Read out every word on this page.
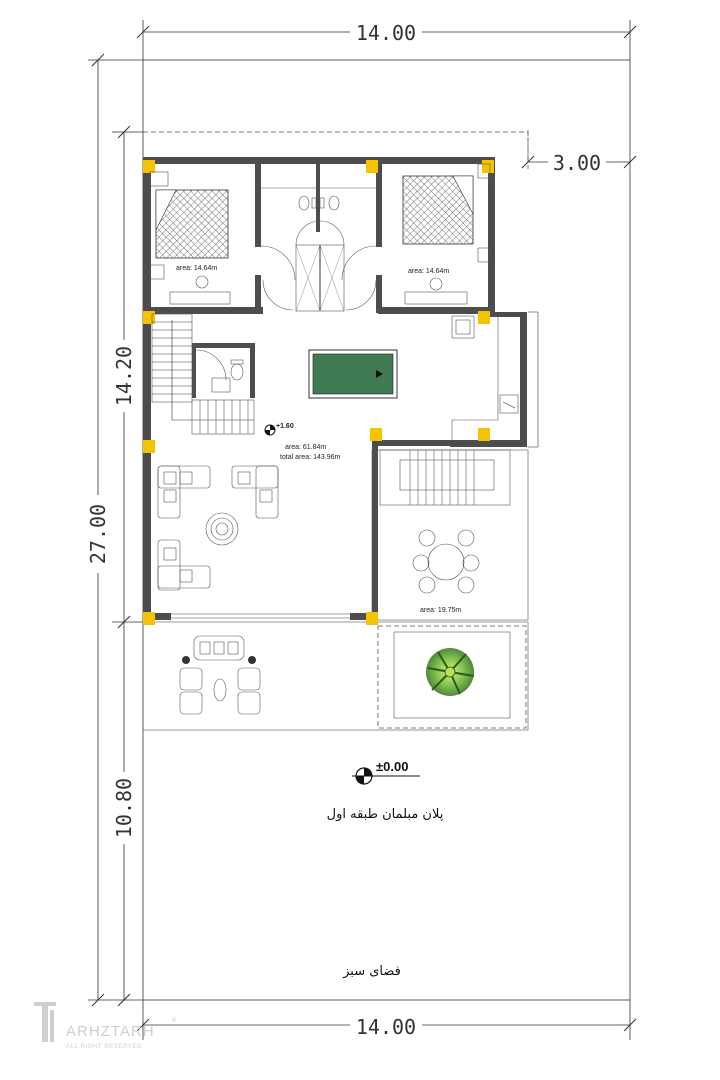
14.00
14.00
3.00
27.00
14.20
10.80
area: 14.64m	area: 14.64m
area: 19.75m
+1.60
area: 61.84m
total area: 143.96m
±0.00
پلان مبلمان طبقه اول
فضای سبز
ARHZTARH
®
ALL RIGHT RESERVED
